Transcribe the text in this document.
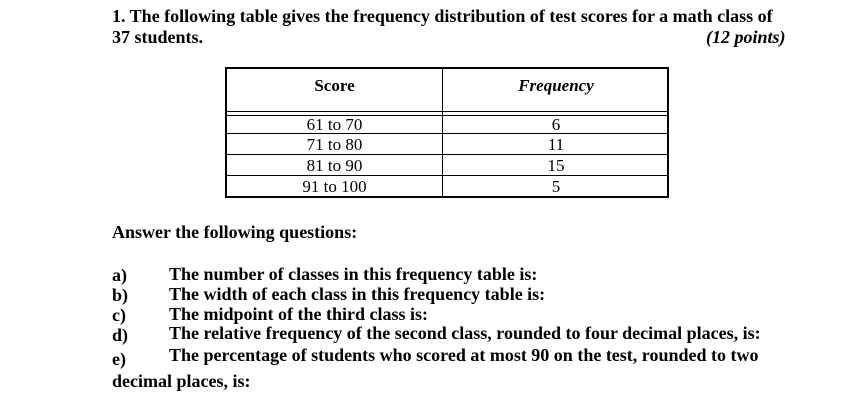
1. The following table gives the frequency distribution of test scores for a math class of
37 students.	(12 points)
Score	Frequency
61 to 70	6
71 to 80	11
81 to 90	15
91 to 100	5
Answer the following questions:
a) The number of classes in this frequency table is:
b) The width of each class in this frequency table is:
c) The midpoint of the third class is:
d) The relative frequency of the second class, rounded to four decimal places, is:
e) The percentage of students who scored at most 90 on the test, rounded to two
decimal places, is:
